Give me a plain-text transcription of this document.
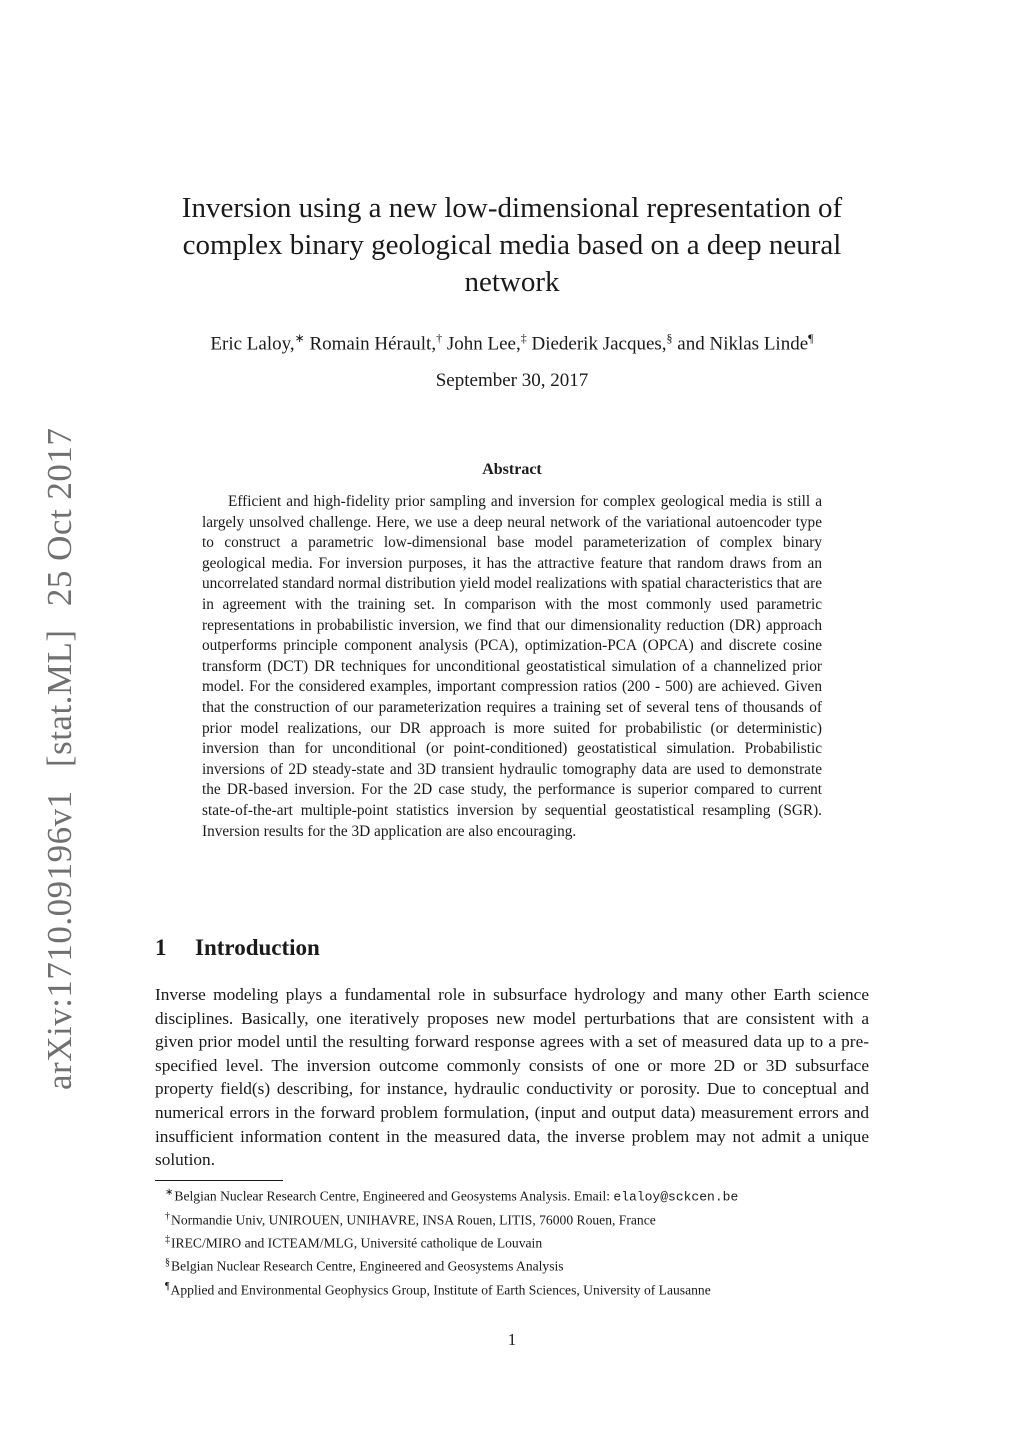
arXiv:1710.09196v1 [stat.ML] 25 Oct 2017
Inversion using a new low-dimensional representation of complex binary geological media based on a deep neural network
Eric Laloy,∗ Romain Hérault,† John Lee,‡ Diederik Jacques,§ and Niklas Linde¶
September 30, 2017
Abstract

Efficient and high-fidelity prior sampling and inversion for complex geological media is still a largely unsolved challenge. Here, we use a deep neural network of the variational autoencoder type to construct a parametric low-dimensional base model parameterization of complex binary geological media. For inversion purposes, it has the attractive feature that random draws from an uncorrelated standard normal distribution yield model realizations with spatial characteristics that are in agreement with the training set. In comparison with the most commonly used parametric representations in probabilistic inversion, we find that our dimensionality reduction (DR) approach outperforms principle component analysis (PCA), optimization-PCA (OPCA) and discrete cosine transform (DCT) DR techniques for unconditional geostatistical simulation of a channelized prior model. For the considered examples, important compression ratios (200 - 500) are achieved. Given that the construction of our parameterization requires a training set of several tens of thousands of prior model realizations, our DR approach is more suited for probabilistic (or deterministic) inversion than for unconditional (or point-conditioned) geostatistical simulation. Probabilistic inversions of 2D steady-state and 3D transient hydraulic tomography data are used to demonstrate the DR-based inversion. For the 2D case study, the performance is superior compared to current state-of-the-art multiple-point statistics inversion by sequential geostatistical resampling (SGR). Inversion results for the 3D application are also encouraging.

1 Introduction

Inverse modeling plays a fundamental role in subsurface hydrology and many other Earth science disciplines. Basically, one iteratively proposes new model perturbations that are consistent with a given prior model until the resulting forward response agrees with a set of measured data up to a pre-specified level. The inversion outcome commonly consists of one or more 2D or 3D subsurface property field(s) describing, for instance, hydraulic conductivity or porosity. Due to conceptual and numerical errors in the forward problem formulation, (input and output data) measurement errors and insufficient information content in the measured data, the inverse problem may not admit a unique solution.

∗Belgian Nuclear Research Centre, Engineered and Geosystems Analysis. Email: elaloy@sckcen.be
†Normandie Univ, UNIROUEN, UNIHAVRE, INSA Rouen, LITIS, 76000 Rouen, France
‡IREC/MIRO and ICTEAM/MLG, Université catholique de Louvain
§Belgian Nuclear Research Centre, Engineered and Geosystems Analysis
¶Applied and Environmental Geophysics Group, Institute of Earth Sciences, University of Lausanne
1
